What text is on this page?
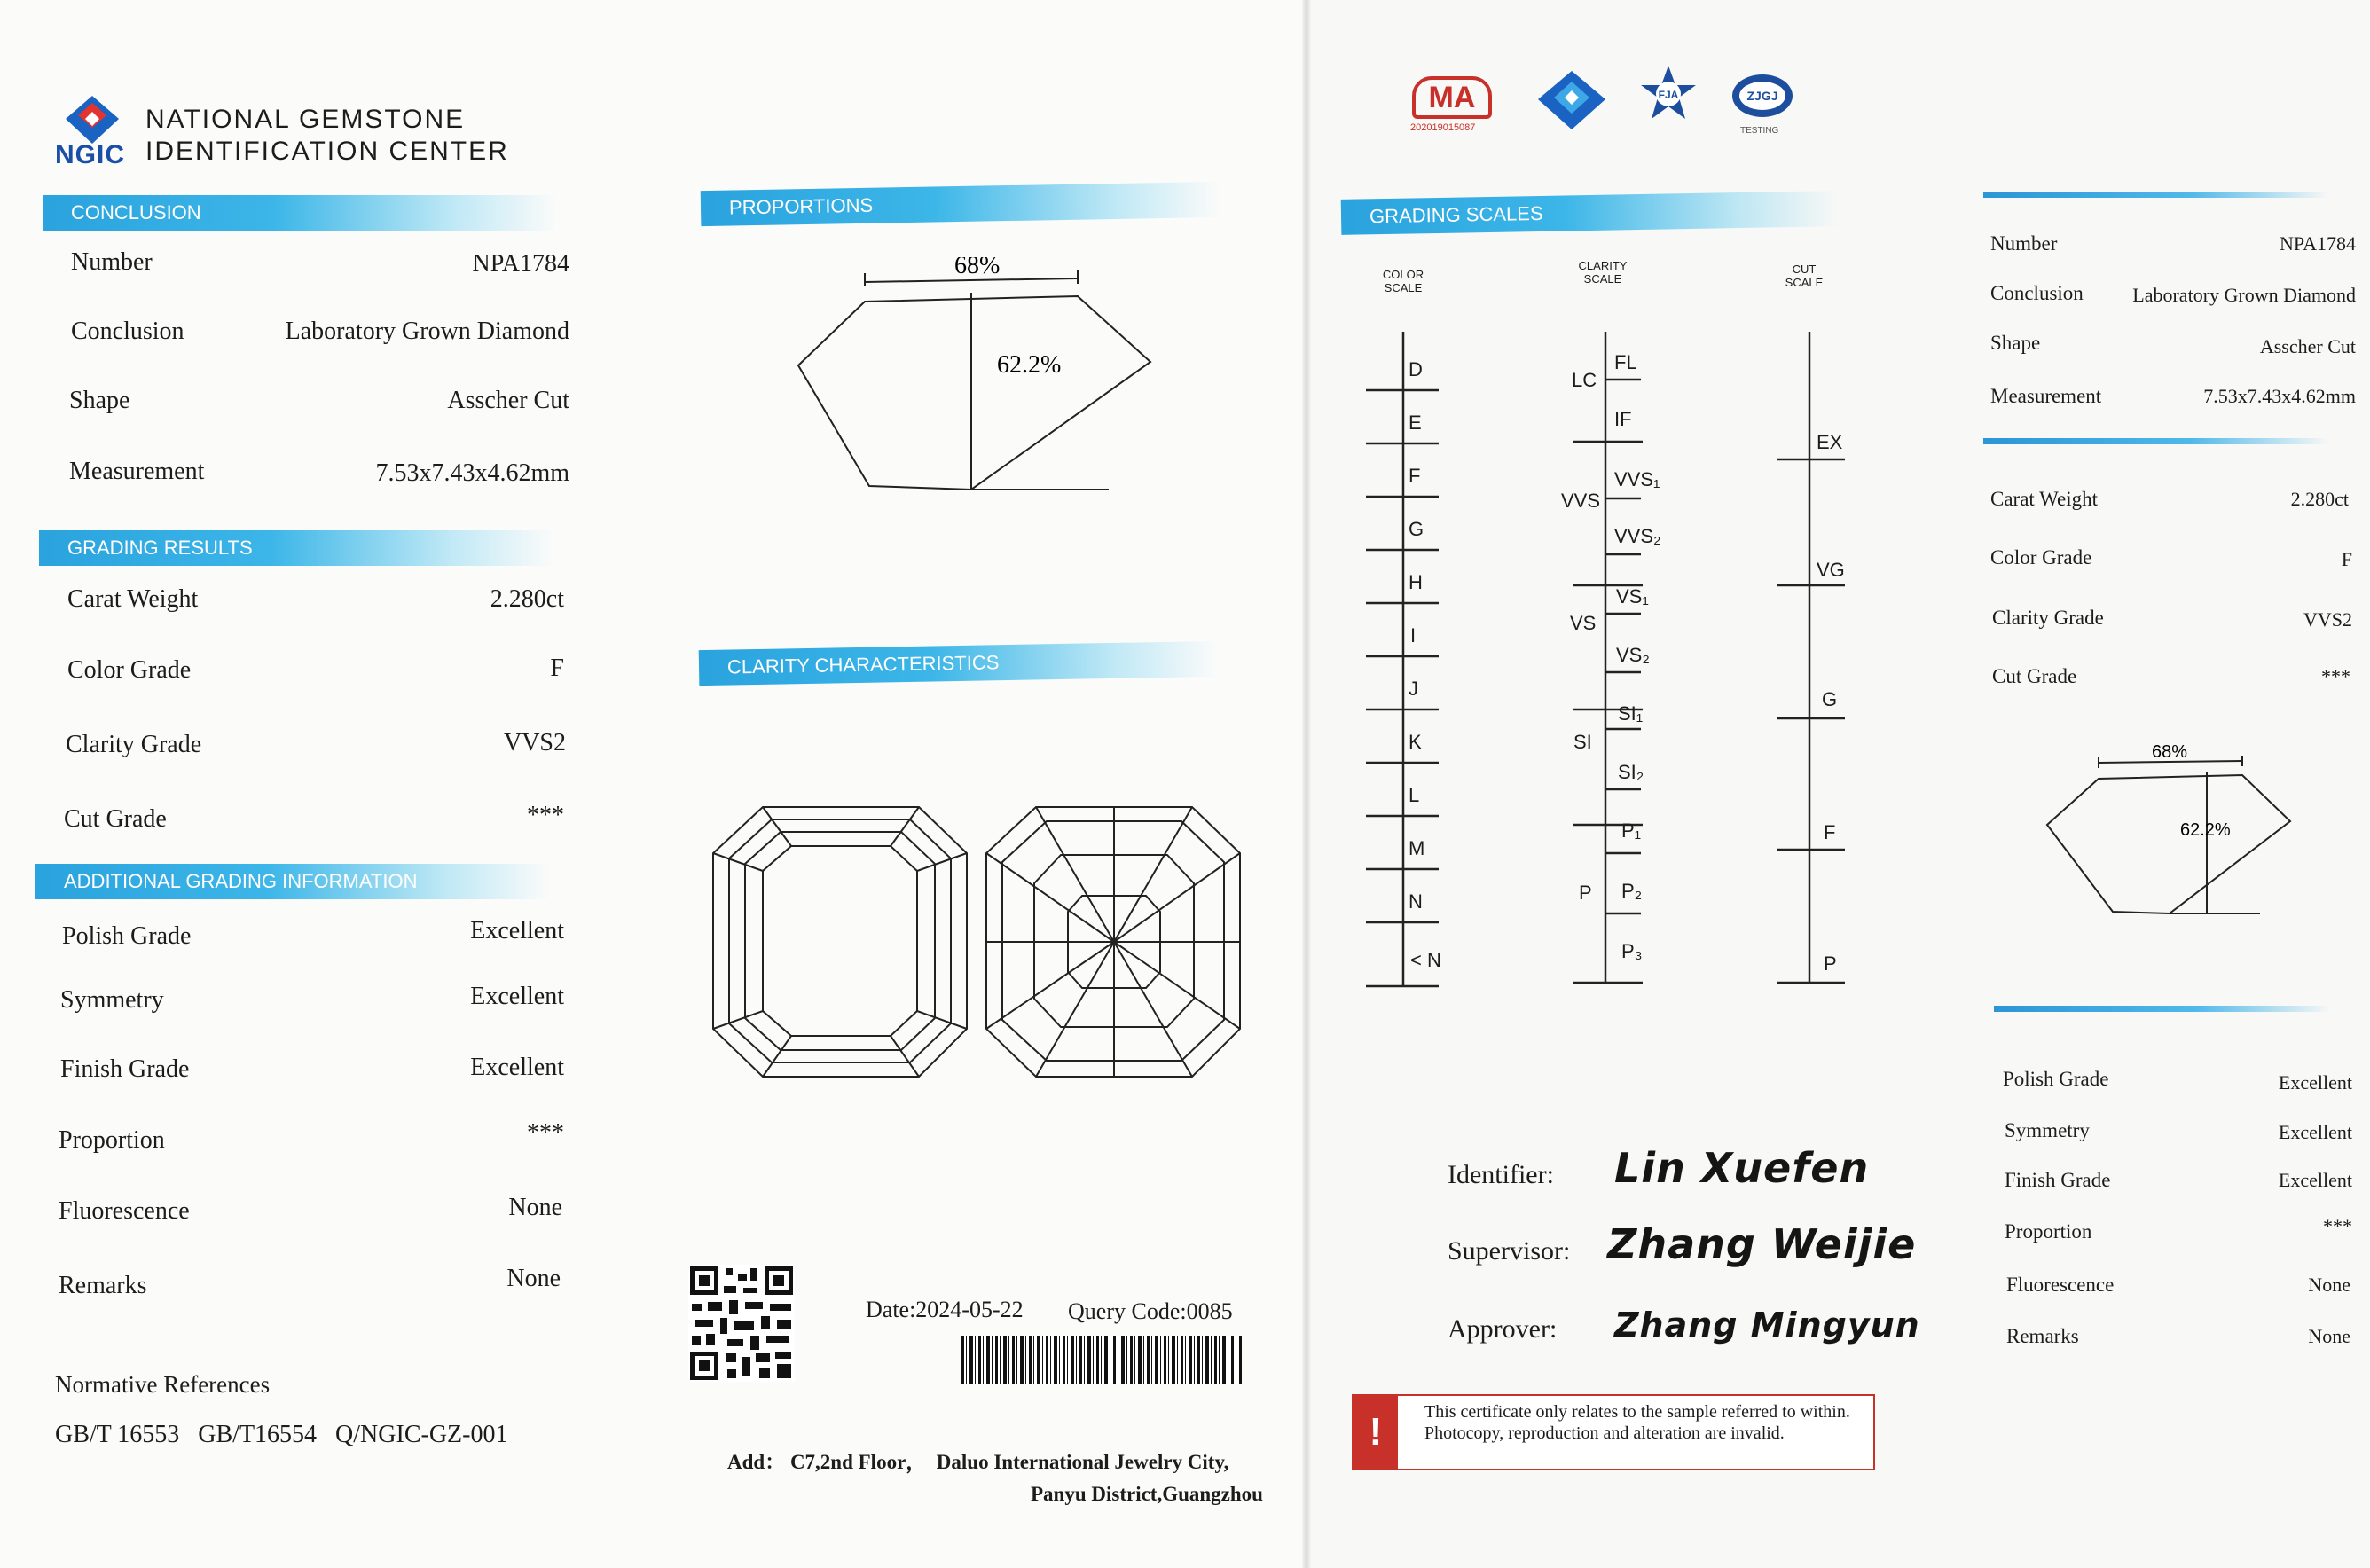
NGIC
NATIONAL GEMSTONE
IDENTIFICATION CENTER
CONCLUSION
Number	NPA1784
Conclusion	Laboratory Grown Diamond
Shape	Asscher Cut
Measurement	7.53x7.43x4.62mm
GRADING RESULTS
Carat Weight	2.280ct
Color Grade	F
Clarity Grade	VVS2
Cut Grade	***
ADDITIONAL GRADING INFORMATION
Polish Grade	Excellent
Symmetry	Excellent
Finish Grade	Excellent
Proportion	***
Fluorescence	None
Remarks	None
Normative References
GB/T 16553   GB/T16554   Q/NGIC-GZ-001
PROPORTIONS
68%
62.2%
CLARITY CHARACTERISTICS
Date:2024-05-22 Query Code:0085
Add： C7,2nd Floor，  Daluo International Jewelry City,
Panyu District,Guangzhou
MA
202019015087
FJA	ZJGJ
TESTING
GRADING SCALES
COLOR
SCALE
CLARITY
SCALE
CUT
SCALE
D
E
F
G
H
I
J
K
L
M
N
< N
FL
IF
VVS₁
VVS₂
VS₁
VS₂
SI₁
SI₂
P₁
P₂
P₃
LC
VVS
VS
SI
P
EX
VG
G
F
P
Identifier: Lin Xuefen
Supervisor: Zhang Weijie
Approver: Zhang Mingyun
!	This certificate only relates to the sample referred to within. Photocopy, reproduction and alteration are invalid.
Number	NPA1784
Conclusion	Laboratory Grown Diamond
Shape	Asscher Cut
Measurement	7.53x7.43x4.62mm
Carat Weight	2.280ct
Color Grade	F
Clarity Grade	VVS2
Cut Grade	***
68%
62.2%
Polish Grade	Excellent
Symmetry	Excellent
Finish Grade	Excellent
Proportion	***
Fluorescence	None
Remarks	None
